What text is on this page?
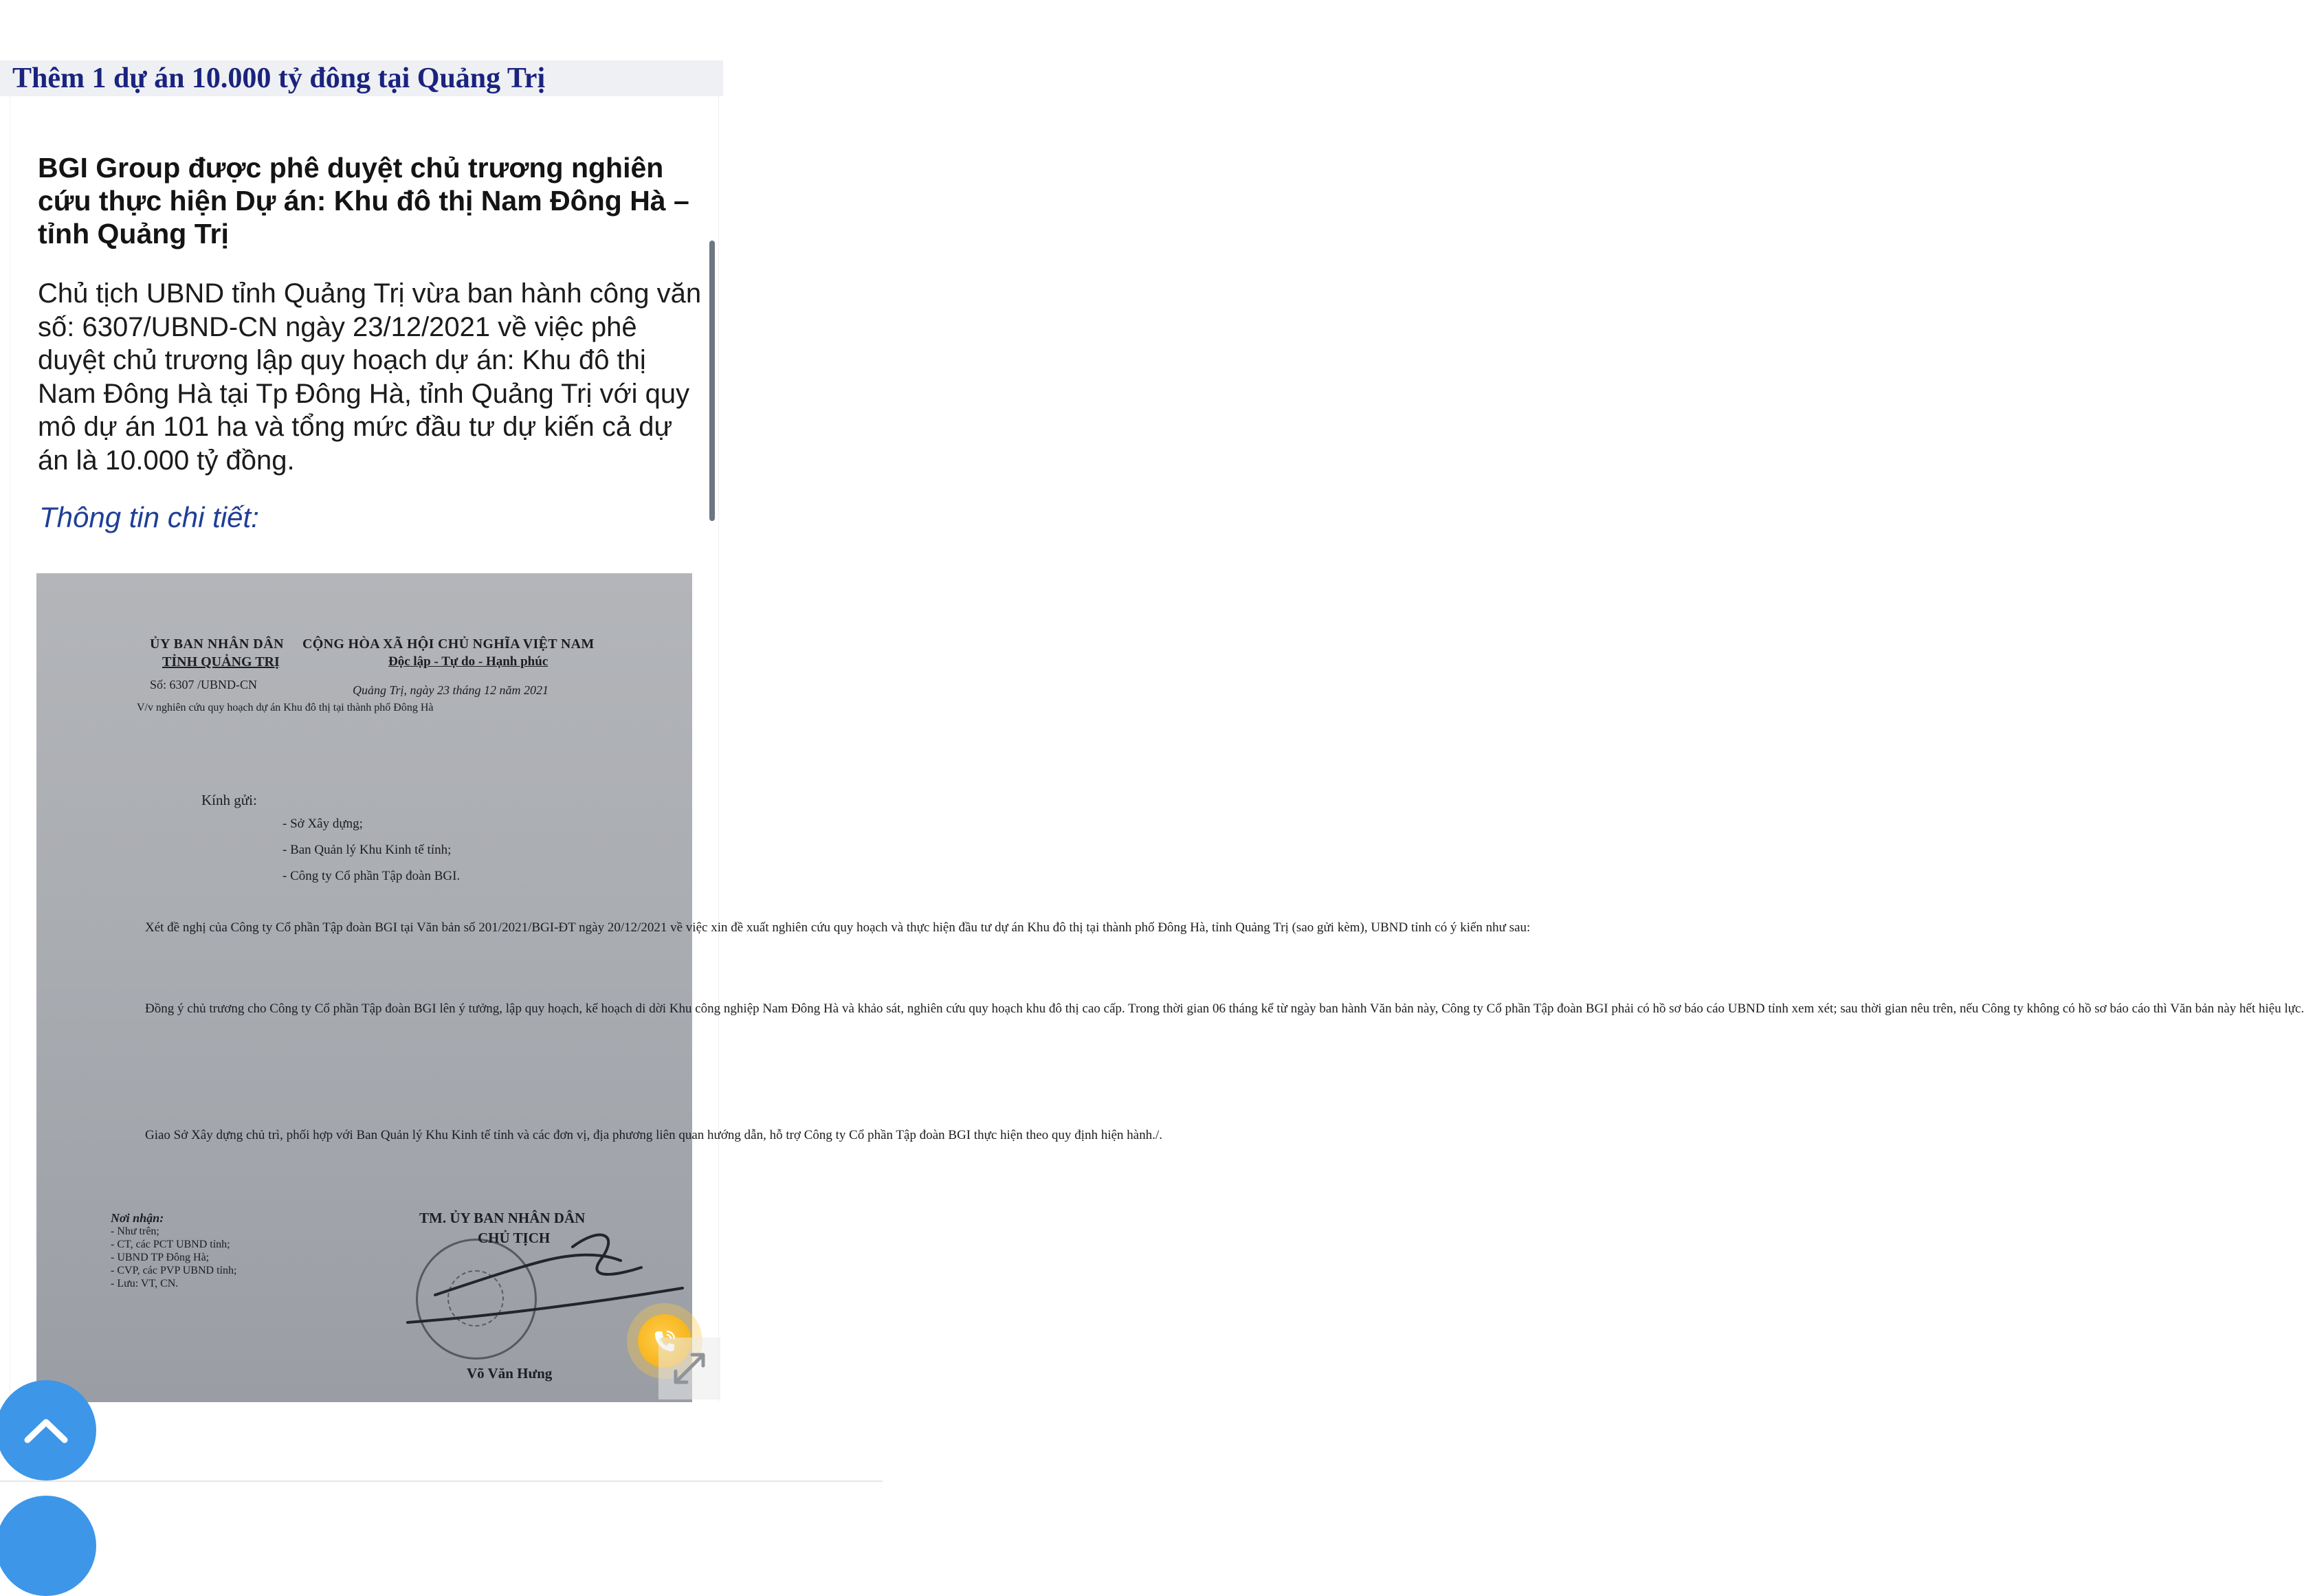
Thêm 1 dự án 10.000 tỷ đông tại Quảng Trị
BGI Group được phê duyệt chủ trương nghiên cứu thực hiện Dự án: Khu đô thị Nam Đông Hà – tỉnh Quảng Trị

Chủ tịch UBND tỉnh Quảng Trị vừa ban hành công văn số: 6307/UBND-CN ngày 23/12/2021 về việc phê duyệt chủ trương lập quy hoạch dự án: Khu đô thị Nam Đông Hà tại Tp Đông Hà, tỉnh Quảng Trị với quy mô dự án 101 ha và tổng mức đầu tư dự kiến cả dự án là 10.000 tỷ đồng.

Thông tin chi tiết:

ỦY BAN NHÂN DÂN
TỈNH QUẢNG TRỊ
Số: 6307 /UBND-CN
V/v nghiên cứu quy hoạch dự án Khu đô thị tại thành phố Đông Hà
CỘNG HÒA XÃ HỘI CHỦ NGHĨA VIỆT NAM
Độc lập - Tự do - Hạnh phúc
Quảng Trị, ngày 23 tháng 12 năm 2021
Kính gửi:
- Sở Xây dựng;
- Ban Quản lý Khu Kinh tế tỉnh;
- Công ty Cổ phần Tập đoàn BGI.
Xét đề nghị của Công ty Cổ phần Tập đoàn BGI tại Văn bản số 201/2021/BGI-ĐT ngày 20/12/2021 về việc xin đề xuất nghiên cứu quy hoạch và thực hiện đầu tư dự án Khu đô thị tại thành phố Đông Hà, tỉnh Quảng Trị (sao gửi kèm), UBND tỉnh có ý kiến như sau:
Đồng ý chủ trương cho Công ty Cổ phần Tập đoàn BGI lên ý tưởng, lập quy hoạch, kế hoạch di dời Khu công nghiệp Nam Đông Hà và khảo sát, nghiên cứu quy hoạch khu đô thị cao cấp. Trong thời gian 06 tháng kể từ ngày ban hành Văn bản này, Công ty Cổ phần Tập đoàn BGI phải có hồ sơ báo cáo UBND tỉnh xem xét; sau thời gian nêu trên, nếu Công ty không có hồ sơ báo cáo thì Văn bản này hết hiệu lực.
Giao Sở Xây dựng chủ trì, phối hợp với Ban Quản lý Khu Kinh tế tỉnh và các đơn vị, địa phương liên quan hướng dẫn, hỗ trợ Công ty Cổ phần Tập đoàn BGI thực hiện theo quy định hiện hành./.
Nơi nhận:
- Như trên;
- CT, các PCT UBND tỉnh;
- UBND TP Đông Hà;
- CVP, các PVP UBND tỉnh;
- Lưu: VT, CN.
TM. ỦY BAN NHÂN DÂN
CHỦ TỊCH
Võ Văn Hưng
